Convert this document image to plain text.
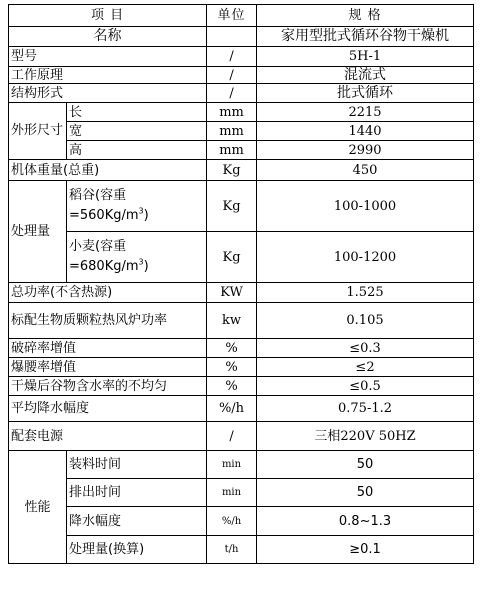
项 目		单位	规 格
名称			家用型批式循环谷物干燥机
型号		/	5H-1
工作原理		/	混流式
结构形式		/	批式循环
外形尺寸	长	mm	2215
	宽	mm	1440
	高	mm	2990
机体重量(总重)		Kg	450
处理量	稻谷(容重
$=560Kg/m^3$)	Kg	100-1000
	小麦(容重
$=680Kg/m^3$)	Kg	100-1200
总功率(不含热源)		KW	1.525
标配生物质颗粒热风炉功率		kw	0.105
破碎率增值		%	≤0.3
爆腰率增值		%	≤2
干燥后谷物含水率的不均匀		%	≤0.5
平均降水幅度		%/h	0.75-1.2
配套电源		/	三相220V 50HZ
性能	装料时间	min	50
	排出时间	min	50
	降水幅度	%/h	0.8~1.3
	处理量(换算)	t/h	≥0.1
